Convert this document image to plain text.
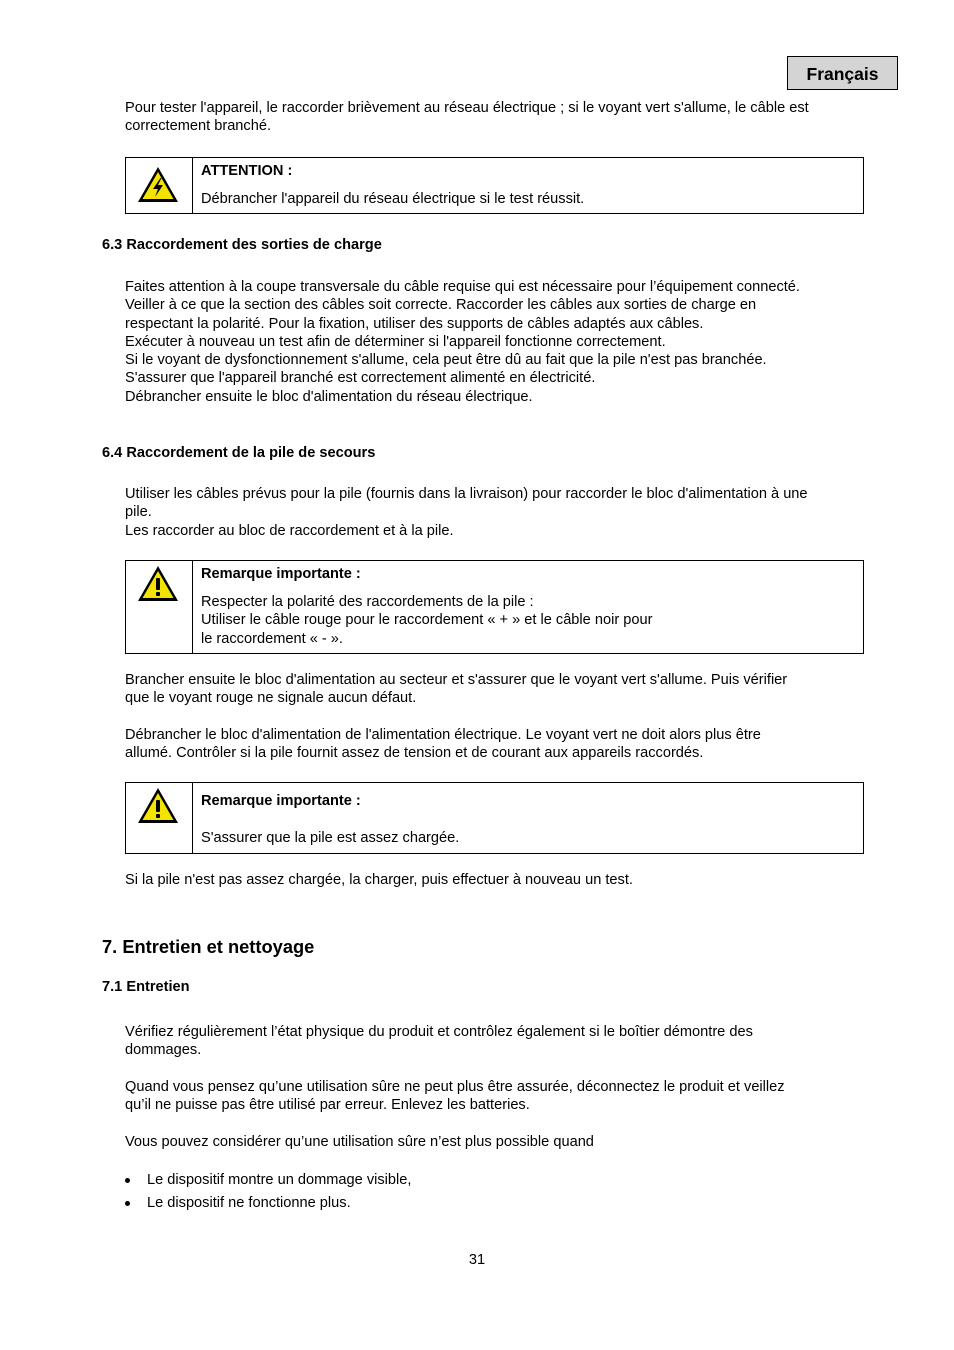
Français

Pour tester l'appareil, le raccorder brièvement au réseau électrique ; si le voyant vert s'allume, le câble est
correctement branché.

ATTENTION :
Débrancher l'appareil du réseau électrique si le test réussit.
6.3 Raccordement des sorties de charge

Faites attention à la coupe transversale du câble requise qui est nécessaire pour l’équipement connecté.
Veiller à ce que la section des câbles soit correcte. Raccorder les câbles aux sorties de charge en
respectant la polarité. Pour la fixation, utiliser des supports de câbles adaptés aux câbles.
Exécuter à nouveau un test afin de déterminer si l'appareil fonctionne correctement.
Si le voyant de dysfonctionnement s'allume, cela peut être dû au fait que la pile n'est pas branchée.
S'assurer que l'appareil branché est correctement alimenté en électricité.
Débrancher ensuite le bloc d'alimentation du réseau électrique.

6.4 Raccordement de la pile de secours

Utiliser les câbles prévus pour la pile (fournis dans la livraison) pour raccorder le bloc d'alimentation à une
pile.
Les raccorder au bloc de raccordement et à la pile.

Remarque importante :
Respecter la polarité des raccordements de la pile :
Utiliser le câble rouge pour le raccordement « + » et le câble noir pour
le raccordement « - ».

Brancher ensuite le bloc d'alimentation au secteur et s'assurer que le voyant vert s'allume. Puis vérifier
que le voyant rouge ne signale aucun défaut.

Débrancher le bloc d'alimentation de l'alimentation électrique. Le voyant vert ne doit alors plus être
allumé. Contrôler si la pile fournit assez de tension et de courant aux appareils raccordés.

Remarque importante :
S'assurer que la pile est assez chargée.

Si la pile n'est pas assez chargée, la charger, puis effectuer à nouveau un test.

7. Entretien et nettoyage
7.1 Entretien

Vérifiez régulièrement l’état physique du produit et contrôlez également si le boîtier démontre des
dommages.

Quand vous pensez qu’une utilisation sûre ne peut plus être assurée, déconnectez le produit et veillez
qu’il ne puisse pas être utilisé par erreur. Enlevez les batteries.

Vous pouvez considérer qu’une utilisation sûre n’est plus possible quand

Le dispositif montre un dommage visible,
Le dispositif ne fonctionne plus.
31
